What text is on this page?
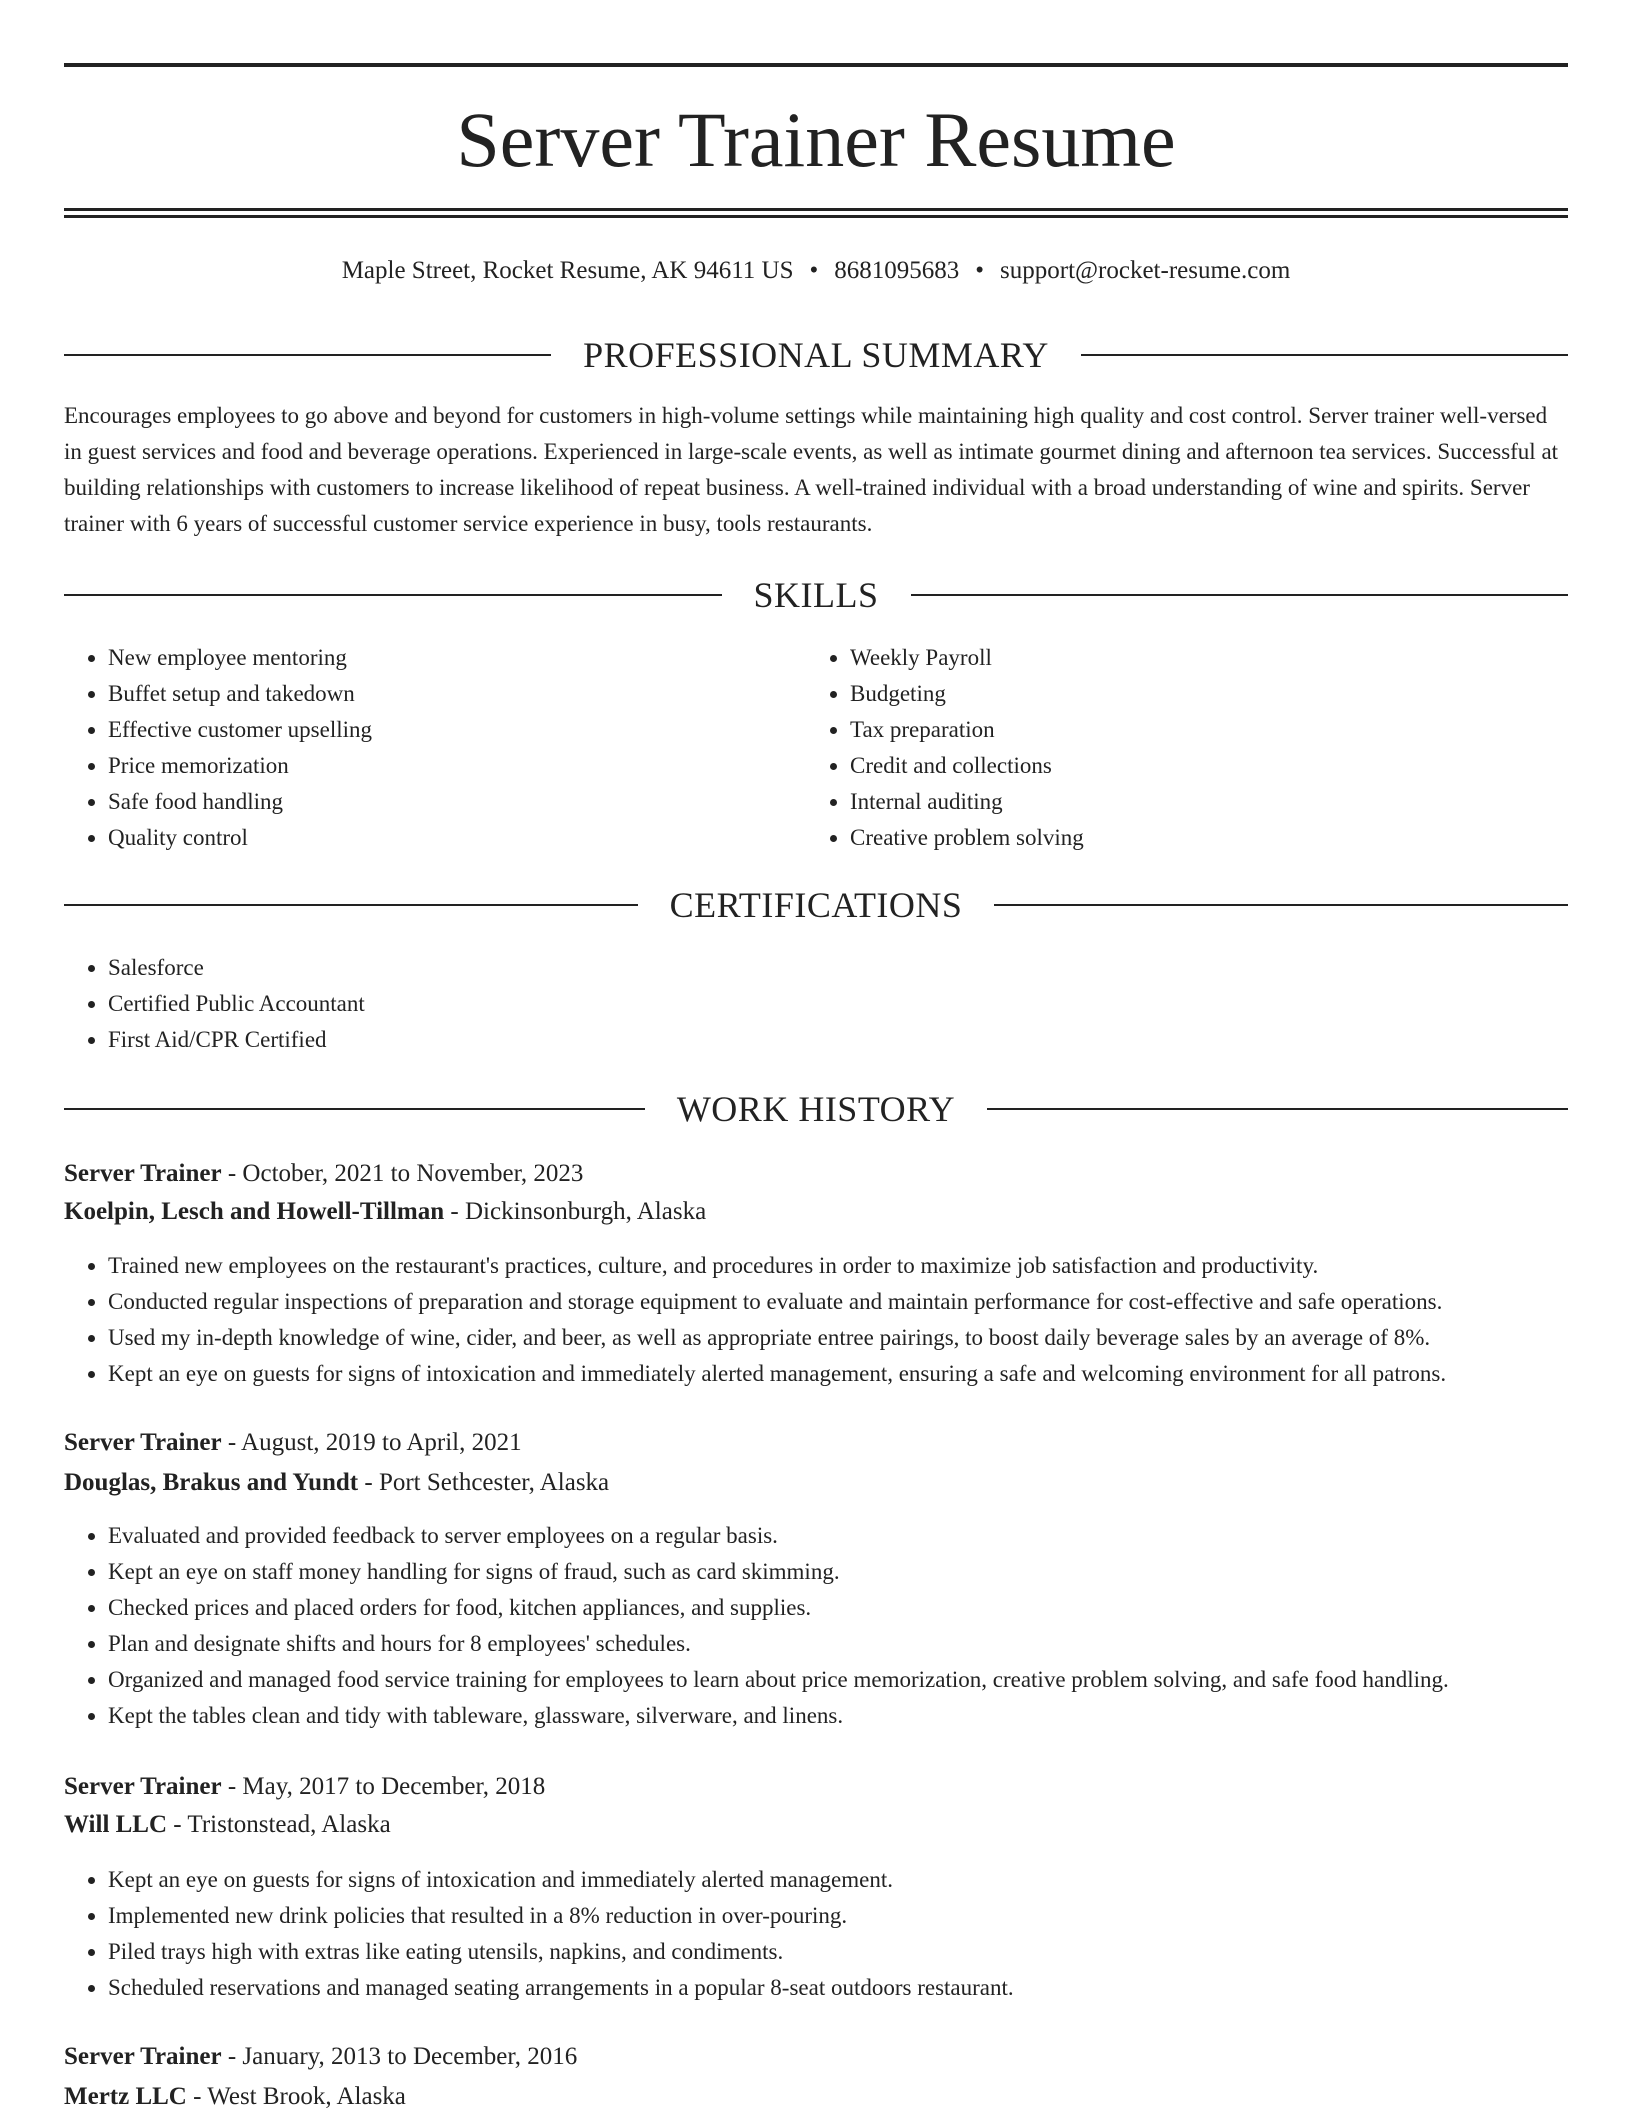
Server Trainer Resume
Maple Street, Rocket Resume, AK 94611 US • 8681095683 • support@rocket-resume.com
PROFESSIONAL SUMMARY

Encourages employees to go above and beyond for customers in high-volume settings while maintaining high quality and cost control. Server trainer well-versed in guest services and food and beverage operations. Experienced in large-scale events, as well as intimate gourmet dining and afternoon tea services. Successful at building relationships with customers to increase likelihood of repeat business. A well-trained individual with a broad understanding of wine and spirits. Server trainer with 6 years of successful customer service experience in busy, tools restaurants.

SKILLS
• New employee mentoring
• Buffet setup and takedown
• Effective customer upselling
• Price memorization
• Safe food handling
• Quality control
• Weekly Payroll
• Budgeting
• Tax preparation
• Credit and collections
• Internal auditing
• Creative problem solving
CERTIFICATIONS
• Salesforce
• Certified Public Accountant
• First Aid/CPR Certified
WORK HISTORY
Server Trainer - October, 2021 to November, 2023
Koelpin, Lesch and Howell-Tillman - Dickinsonburgh, Alaska
• Trained new employees on the restaurant's practices, culture, and procedures in order to maximize job satisfaction and productivity.
• Conducted regular inspections of preparation and storage equipment to evaluate and maintain performance for cost-effective and safe operations.
• Used my in-depth knowledge of wine, cider, and beer, as well as appropriate entree pairings, to boost daily beverage sales by an average of 8%.
• Kept an eye on guests for signs of intoxication and immediately alerted management, ensuring a safe and welcoming environment for all patrons.
Server Trainer - August, 2019 to April, 2021
Douglas, Brakus and Yundt - Port Sethcester, Alaska
• Evaluated and provided feedback to server employees on a regular basis.
• Kept an eye on staff money handling for signs of fraud, such as card skimming.
• Checked prices and placed orders for food, kitchen appliances, and supplies.
• Plan and designate shifts and hours for 8 employees' schedules.
• Organized and managed food service training for employees to learn about price memorization, creative problem solving, and safe food handling.
• Kept the tables clean and tidy with tableware, glassware, silverware, and linens.
Server Trainer - May, 2017 to December, 2018
Will LLC - Tristonstead, Alaska
• Kept an eye on guests for signs of intoxication and immediately alerted management.
• Implemented new drink policies that resulted in a 8% reduction in over-pouring.
• Piled trays high with extras like eating utensils, napkins, and condiments.
• Scheduled reservations and managed seating arrangements in a popular 8-seat outdoors restaurant.
Server Trainer - January, 2013 to December, 2016
Mertz LLC - West Brook, Alaska
